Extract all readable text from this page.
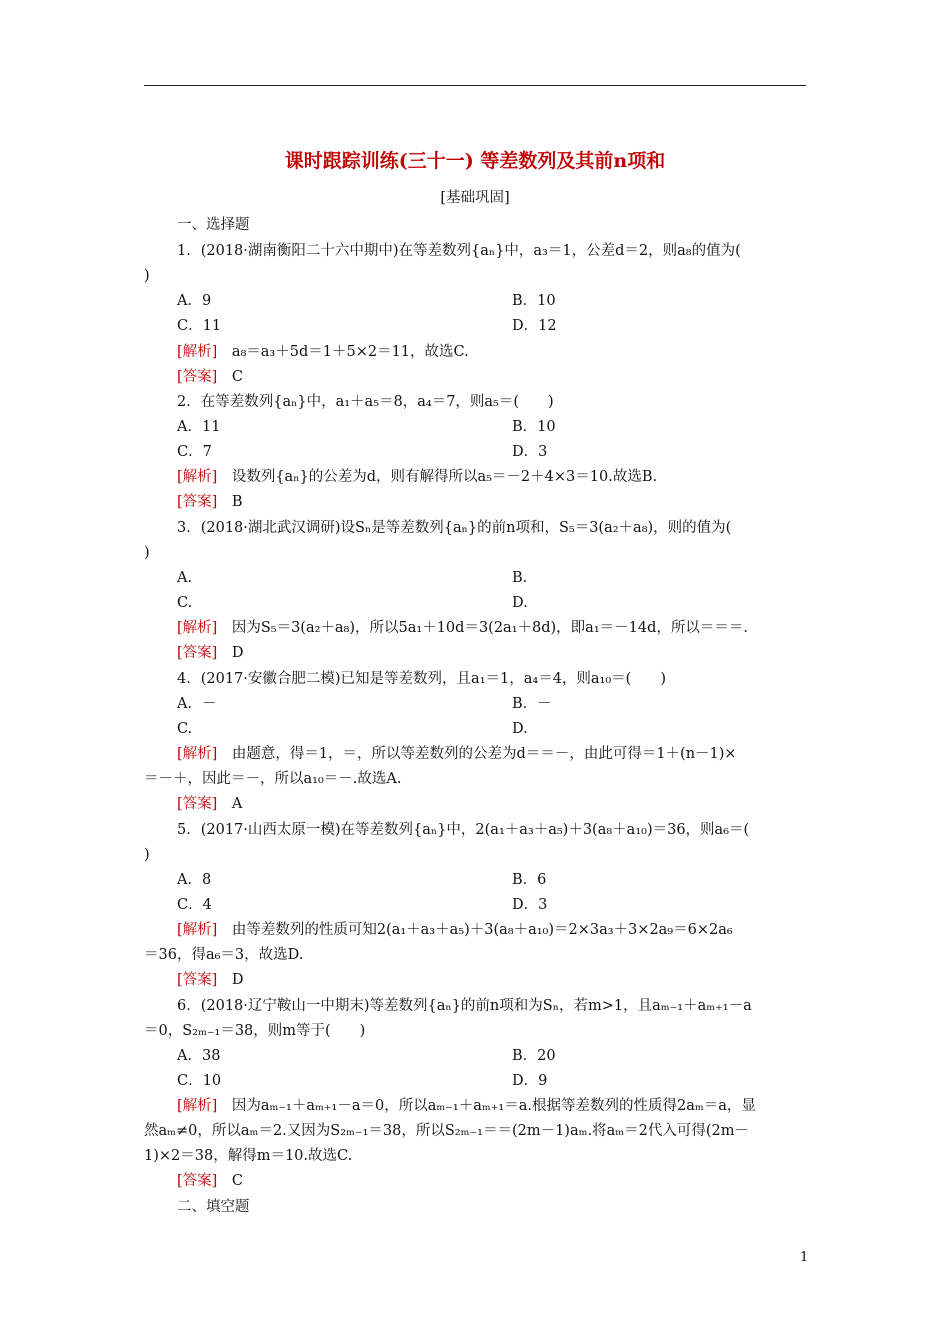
课时跟踪训练(三十一) 等差数列及其前n项和
[基础巩固]
一、选择题
1．(2018·湖南衡阳二十六中期中)在等差数列{aₙ}中，a₃＝1，公差d＝2，则a₈的值为(
)
A．9	B．10
C．11	D．12
[解析]  a₈＝a₃＋5d＝1＋5×2＝11，故选C.
[答案]  C
2．在等差数列{aₙ}中，a₁＋a₅＝8，a₄＝7，则a₅＝(　　)
A．11	B．10
C．7	D．3
[解析]  设数列{aₙ}的公差为d，则有解得所以a₅＝－2＋4×3＝10.故选B.
[答案]  B
3．(2018·湖北武汉调研)设Sₙ是等差数列{aₙ}的前n项和，S₅＝3(a₂＋a₈)，则的值为(
)
A.	B.
C.	D.
[解析]  因为S₅＝3(a₂＋a₈)，所以5a₁＋10d＝3(2a₁＋8d)，即a₁＝－14d，所以＝＝＝.
[答案]  D
4．(2017·安徽合肥二模)已知是等差数列，且a₁＝1，a₄＝4，则a₁₀＝(　　)
A．－	B．－
C.	D.
[解析]  由题意，得＝1，＝，所以等差数列的公差为d＝＝－，由此可得＝1＋(n－1)×
＝－＋，因此＝－，所以a₁₀＝－.故选A.
[答案]  A
5．(2017·山西太原一模)在等差数列{aₙ}中，2(a₁＋a₃＋a₅)＋3(a₈＋a₁₀)＝36，则a₆＝(
)
A．8	B．6
C．4	D．3
[解析]  由等差数列的性质可知2(a₁＋a₃＋a₅)＋3(a₈＋a₁₀)＝2×3a₃＋3×2a₉＝6×2a₆
＝36，得a₆＝3，故选D.
[答案]  D
6．(2018·辽宁鞍山一中期末)等差数列{aₙ}的前n项和为Sₙ，若m>1，且aₘ₋₁＋aₘ₊₁－a
＝0，S₂ₘ₋₁＝38，则m等于(　　)
A．38	B．20
C．10	D．9
[解析]  因为aₘ₋₁＋aₘ₊₁－a＝0，所以aₘ₋₁＋aₘ₊₁＝a.根据等差数列的性质得2aₘ＝a，显
然aₘ≠0，所以aₘ＝2.又因为S₂ₘ₋₁＝38，所以S₂ₘ₋₁＝＝(2m－1)aₘ.将aₘ＝2代入可得(2m－
1)×2＝38，解得m＝10.故选C.
[答案]  C
二、填空题
1
